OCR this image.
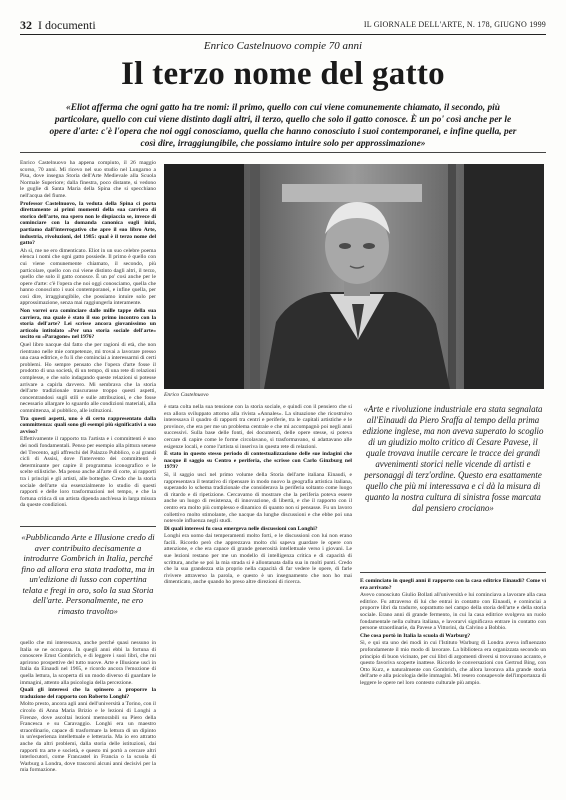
32 I documenti	IL GIORNALE DELL'ARTE, N. 178, GIUGNO 1999
Enrico Castelnuovo compie 70 anni
Il terzo nome del gatto
«Eliot afferma che ogni gatto ha tre nomi: il primo, quello con cui viene comunemente chiamato, il secondo, più particolare, quello con cui viene distinto dagli altri, il terzo, quello che solo il gatto conosce. È un po' così anche per le opere d'arte: c'è l'opera che noi oggi conosciamo, quella che hanno conosciuto i suoi contemporanei, e infine quella, per così dire, irraggiungibile, che possiamo intuire solo per approssimazione»

Enrico Castelnuovo ha appena compiuto, il 26 maggio scorso, 70 anni. Mi ricevo nel suo studio nel Lungarno a Pisa, dove insegna Storia dell'Arte Medievale alla Scuola Normale Superiore; dalla finestra, poco distante, si vedono le guglie di Santa Maria della Spina che si specchiano nell'acqua del fiume.

Professor Castelnuovo, la veduta della Spina ci porta direttamente ai primi momenti della sua carriera di storico dell'arte, ma spero non le dispiaccia se, invece di cominciare con la domanda canonica sugli inizi, partiamo dall'interrogativo che apre il suo libro Arte, industria, rivoluzioni, del 1985: qual è il terzo nome del gatto?

Ah sì, me ne ero dimenticato. Eliot in un suo celebre poema elenca i nomi che ogni gatto possiede. Il primo è quello con cui viene comunemente chiamato, il secondo, più particolare, quello con cui viene distinto dagli altri, il terzo, quello che solo il gatto conosce. È un po' così anche per le opere d'arte: c'è l'opera che noi oggi conosciamo, quella che hanno conosciuto i suoi contemporanei, e infine quella, per così dire, irraggiungibile, che possiamo intuire solo per approssimazione, senza mai raggiungerla interamente.

Non vorrei ora cominciare dalle mille tappe della sua carriera, ma quale è stato il suo primo incontro con la storia dell'arte? Lei scrisse ancora giovanissimo un articolo intitolato «Per una storia sociale dell'arte» uscito su «Paragone» nel 1976?

Quel libro nacque dal fatto che per ragioni di età, che non rientrano nelle mie competenze, mi trovai a lavorare presso una casa editrice, e fu lì che cominciai a interessarmi di certi problemi. Ho sempre pensato che l'opera d'arte fosse il prodotto di una società, di un tempo, di una rete di relazioni complesse, e che solo indagando queste relazioni si potesse arrivare a capirla davvero. Mi sembrava che la storia dell'arte tradizionale trascurasse troppo questi aspetti, concentrandosi sugli stili e sulle attribuzioni, e che fosse necessario allargare lo sguardo alle condizioni materiali, alla committenza, al pubblico, alle istituzioni.

Tra questi aspetti, uno è di certo rappresentato dalla committenza: quali sono gli esempi più significativi a suo avviso?

Effettivamente il rapporto tra l'artista e i committenti è uno dei nodi fondamentali. Penso per esempio alla pittura senese del Trecento, agli affreschi del Palazzo Pubblico, o ai grandi cicli di Assisi, dove l'intervento dei committenti è determinante per capire il programma iconografico e le scelte stilistiche. Ma penso anche all'arte di corte, ai rapporti tra i principi e gli artisti, alle botteghe. Credo che la storia sociale dell'arte sia essenzialmente lo studio di questi rapporti e delle loro trasformazioni nel tempo, e che la fortuna critica di un artista dipenda anch'essa in larga misura da queste condizioni.

Enrico Castelnuovo

è stata colta nella sua tensione con la storia sociale, e quindi con il pensiero che si era allora sviluppato attorno alla rivista «Annales». La situazione che ricostruivo interessava il quadro di rapporti tra centri e periferie, tra le capitali artistiche e le province, che era per me un problema centrale e che mi accompagnò poi negli anni successivi. Sulla base delle fonti, dei documenti, delle opere stesse, si poteva cercare di capire come le forme circolavano, si trasformavano, si adattavano alle esigenze locali, e come l'artista si inseriva in questa rete di relazioni.

È stato in questo stesso periodo di contestualizzazione delle sue indagini che nacque il saggio su Centro e periferia, che scrisse con Carlo Ginzburg nel 1979?

Sì, il saggio uscì nel primo volume della Storia dell'arte italiana Einaudi, e rappresentava il tentativo di ripensare in modo nuovo la geografia artistica italiana, superando lo schema tradizionale che considerava la periferia soltanto come luogo di ritardo e di ripetizione. Cercavamo di mostrare che la periferia poteva essere anche un luogo di resistenza, di innovazione, di libertà, e che il rapporto con il centro era molto più complesso e dinamico di quanto non si pensasse. Fu un lavoro collettivo molto stimolante, che nacque da lunghe discussioni e che ebbe poi una notevole influenza negli studi.

Di quali interessi fu cosa emergeva nelle discussioni con Longhi?

Longhi era uomo dai temperamenti molto forti, e le discussioni con lui non erano facili. Ricordo però che apprezzava molto chi sapeva guardare le opere con attenzione, e che era capace di grande generosità intellettuale verso i giovani. Le sue lezioni restano per me un modello di intelligenza critica e di capacità di scrittura, anche se poi la mia strada si è allontanata dalla sua in molti punti. Credo che la sua grandezza stia proprio nella capacità di far vedere le opere, di farle rivivere attraverso la parola, e questo è un insegnamento che non ho mai dimenticato, anche quando ho preso altre direzioni di ricerca.

«Arte e rivoluzione industriale era stata segnalata all'Einaudi da Piero Sraffa al tempo della prima edizione inglese, ma non aveva superato lo scoglio di un giudizio molto critico di Cesare Pavese, il quale trovava inutile cercare le tracce dei grandi avvenimenti storici nelle vicende di artisti e personaggi di terz'ordine. Questo era esattamente quello che più mi interessava e ci dà la misura di quanto la nostra cultura di sinistra fosse marcata dal pensiero crociano»

È cominciato in quegli anni il rapporto con la casa editrice Einaudi? Come vi era arrivato?

Avevo conosciuto Giulio Bollati all'università e lui cominciava a lavorare alla casa editrice. Fu attraverso di lui che entrai in contatto con Einaudi, e cominciai a proporre libri da tradurre, soprattutto nel campo della storia dell'arte e della storia sociale. Erano anni di grande fermento, in cui la casa editrice svolgeva un ruolo fondamentale nella cultura italiana, e lavorarvi significava entrare in contatto con persone straordinarie, da Pavese a Vittorini, da Calvino a Bobbio.

Che cosa portò in Italia la scuola di Warburg?

Sì, e qui sta uno dei modi in cui l'Istituto Warburg di Londra aveva influenzato profondamente il mio modo di lavorare. La biblioteca era organizzata secondo un principio di buon vicinato, per cui libri di argomenti diversi si trovavano accanto, e questo favoriva scoperte inattese. Ricordo le conversazioni con Gertrud Bing, con Otto Kurz, e naturalmente con Gombrich, che allora lavorava alla grande storia dell'arte e alla psicologia delle immagini. Mi resero consapevole dell'importanza di leggere le opere nel loro contesto culturale più ampio.

«Pubblicando Arte e Illusione credo di aver contribuito decisamente a introdurre Gombrich in Italia, perché fino ad allora era stata tradotta, ma in un'edizione di lusso con copertina telata e fregi in oro, solo la sua Storia dell'arte. Personalmente, ne ero rimasto travolto»

quello che mi interessava, anche perché quasi nessuno in Italia se ne occupava. In quegli anni ebbi la fortuna di conoscere Ernst Gombrich, e di leggere i suoi libri, che mi aprirono prospettive del tutto nuove. Arte e Illusione uscì in Italia da Einaudi nel 1965, e ricordo ancora l'emozione di quella lettura, la scoperta di un modo diverso di guardare le immagini, attento alla psicologia della percezione.

Quali gli interessi che la spinsero a proporre la traduzione del rapporto con Roberto Longhi?

Molto presto, ancora agli anni dell'università a Torino, con il circolo di Anna Maria Brizio e le lezioni di Longhi a Firenze, dove ascoltai lezioni memorabili su Piero della Francesca e su Caravaggio. Longhi era un maestro straordinario, capace di trasformare la lettura di un dipinto in un'esperienza intellettuale e letteraria. Ma io ero attratto anche da altri problemi, dalla storia delle istituzioni, dai rapporti tra arte e società, e questo mi portò a cercare altri interlocutori, come Francastel in Francia o la scuola di Warburg a Londra, dove trascorsi alcuni anni decisivi per la mia formazione.
